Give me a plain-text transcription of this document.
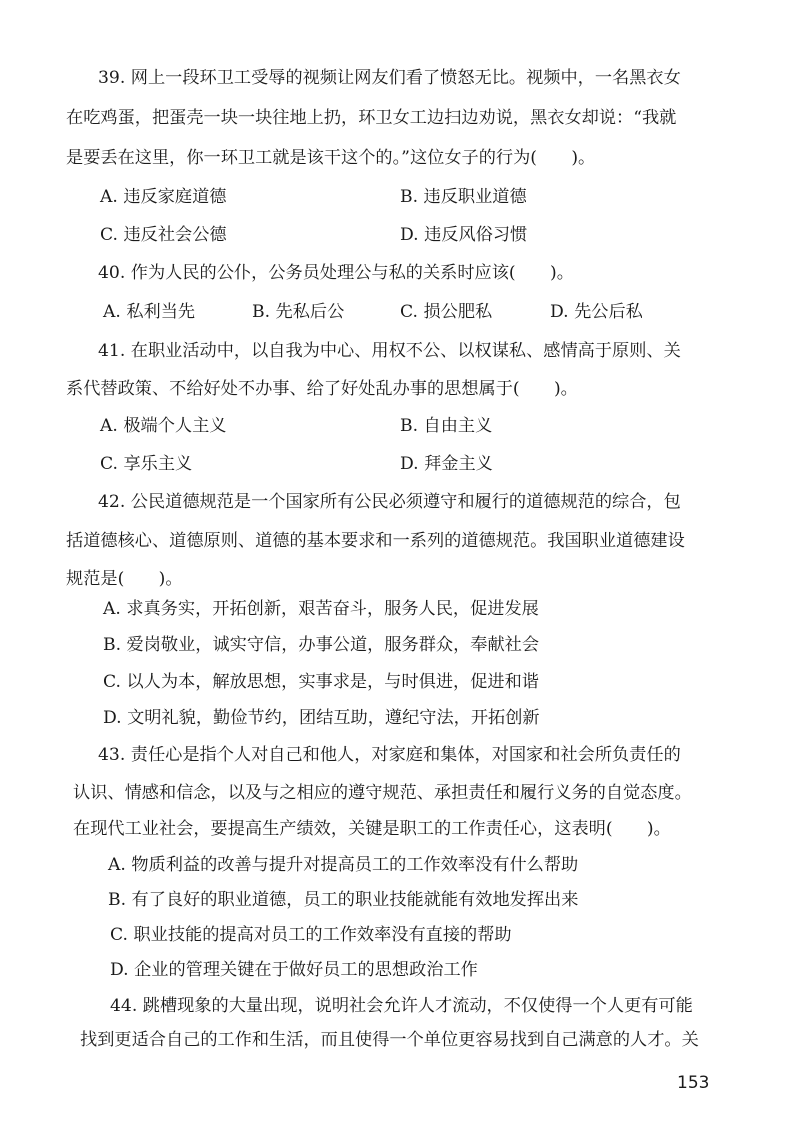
39. 网上一段环卫工受辱的视频让网友们看了愤怒无比。视频中，一名黑衣女
在吃鸡蛋，把蛋壳一块一块往地上扔，环卫女工边扫边劝说，黑衣女却说：“我就
是要丢在这里，你一环卫工就是该干这个的。”这位女子的行为(　　)。
A. 违反家庭道德	B. 违反职业道德
C. 违反社会公德	D. 违反风俗习惯
40. 作为人民的公仆，公务员处理公与私的关系时应该(　　)。
A. 私利当先	B. 先私后公	C. 损公肥私	D. 先公后私
41. 在职业活动中，以自我为中心、用权不公、以权谋私、感情高于原则、关
系代替政策、不给好处不办事、给了好处乱办事的思想属于(　　)。
A. 极端个人主义	B. 自由主义
C. 享乐主义	D. 拜金主义
42. 公民道德规范是一个国家所有公民必须遵守和履行的道德规范的综合，包
括道德核心、道德原则、道德的基本要求和一系列的道德规范。我国职业道德建设
规范是(　　)。
A. 求真务实，开拓创新，艰苦奋斗，服务人民，促进发展
B. 爱岗敬业，诚实守信，办事公道，服务群众，奉献社会
C. 以人为本，解放思想，实事求是，与时俱进，促进和谐
D. 文明礼貌，勤俭节约，团结互助，遵纪守法，开拓创新
43. 责任心是指个人对自己和他人，对家庭和集体，对国家和社会所负责任的
认识、情感和信念，以及与之相应的遵守规范、承担责任和履行义务的自觉态度。
在现代工业社会，要提高生产绩效，关键是职工的工作责任心，这表明(　　)。
A. 物质利益的改善与提升对提高员工的工作效率没有什么帮助
B. 有了良好的职业道德，员工的职业技能就能有效地发挥出来
C. 职业技能的提高对员工的工作效率没有直接的帮助
D. 企业的管理关键在于做好员工的思想政治工作
44. 跳槽现象的大量出现，说明社会允许人才流动，不仅使得一个人更有可能
找到更适合自己的工作和生活，而且使得一个单位更容易找到自己满意的人才。关
153
